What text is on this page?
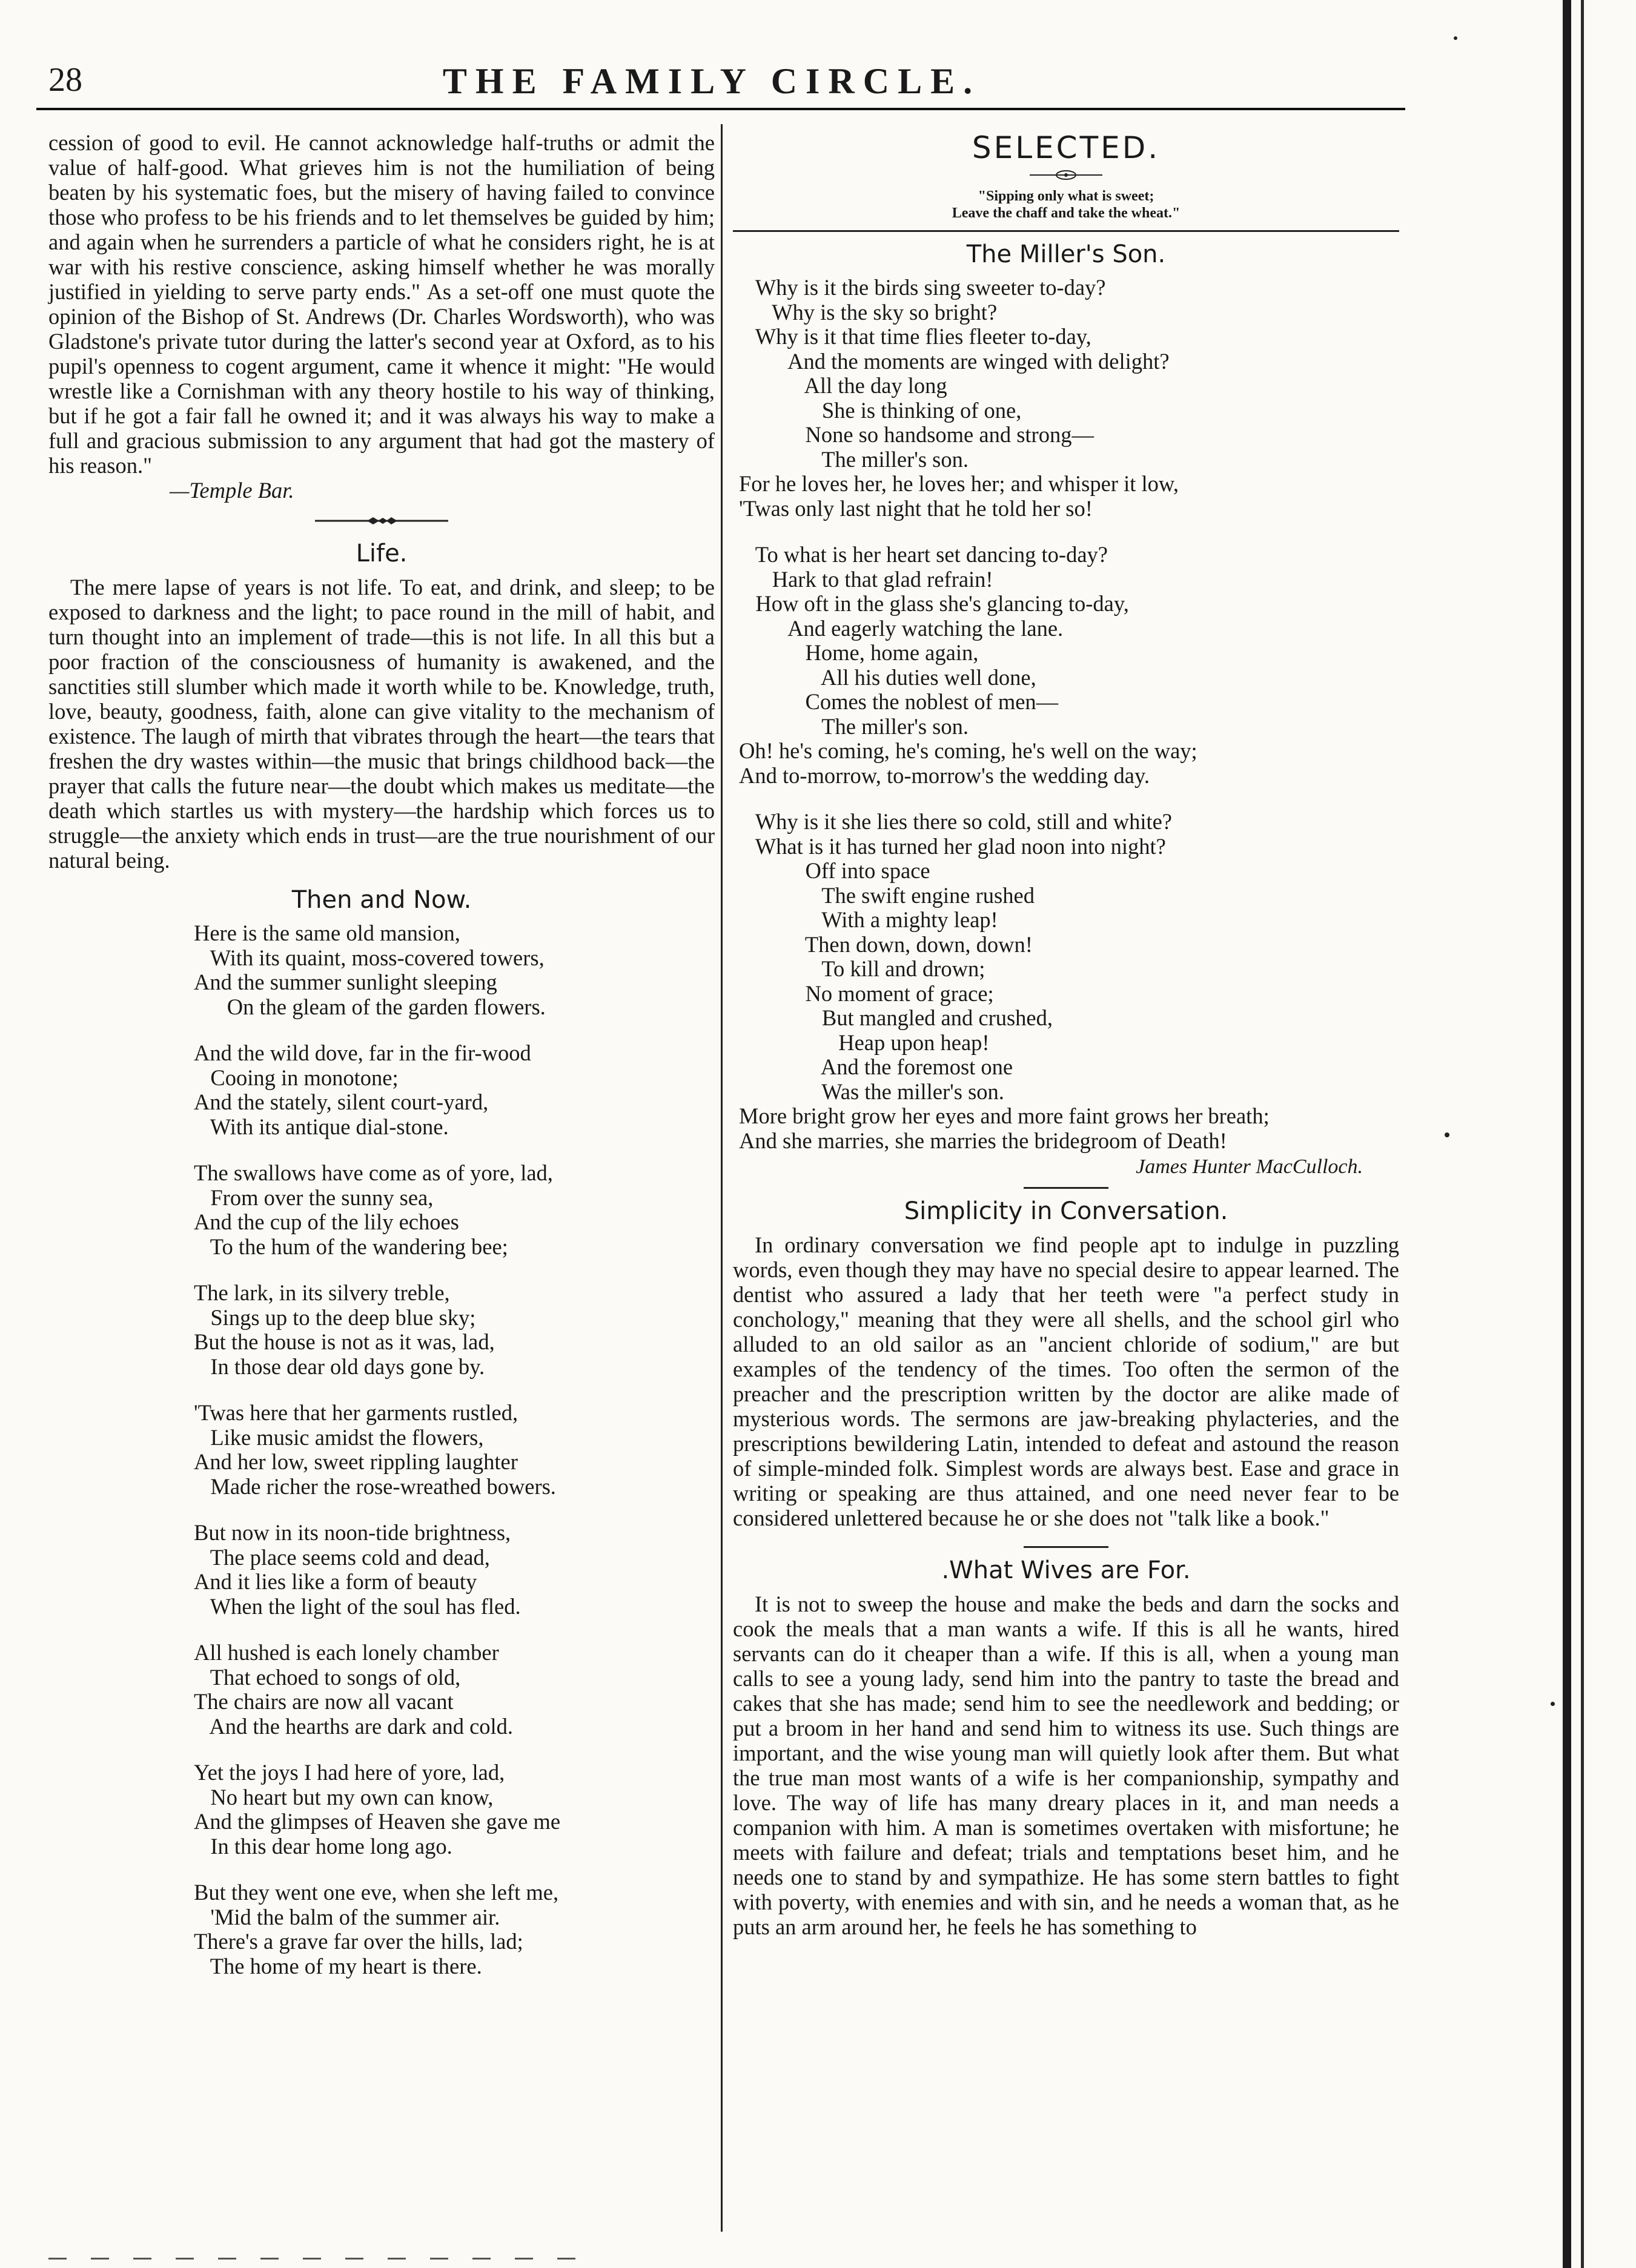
28	THE FAMILY CIRCLE.

cession of good to evil. He cannot acknowledge half-truths or admit the value of half-good. What grieves him is not the humiliation of being beaten by his systematic foes, but the misery of having failed to convince those who profess to be his friends and to let themselves be guided by him; and again when he surrenders a particle of what he considers right, he is at war with his restive conscience, asking himself whether he was morally justified in yielding to serve party ends." As a set-off one must quote the opinion of the Bishop of St. Andrews (Dr. Charles Wordsworth), who was Gladstone's private tutor during the latter's second year at Oxford, as to his pupil's openness to cogent argument, came it whence it might: "He would wrestle like a Cornishman with any theory hostile to his way of thinking, but if he got a fair fall he owned it; and it was always his way to make a full and gracious submission to any argument that had got the mastery of his reason."

—Temple Bar.

Life.

The mere lapse of years is not life. To eat, and drink, and sleep; to be exposed to darkness and the light; to pace round in the mill of habit, and turn thought into an implement of trade—this is not life. In all this but a poor fraction of the consciousness of humanity is awakened, and the sanctities still slumber which made it worth while to be. Knowledge, truth, love, beauty, goodness, faith, alone can give vitality to the mechanism of existence. The laugh of mirth that vibrates through the heart—the tears that freshen the dry wastes within—the music that brings childhood back—the prayer that calls the future near—the doubt which makes us meditate—the death which startles us with mystery—the hardship which forces us to struggle—the anxiety which ends in trust—are the true nourishment of our natural being.

Then and Now.
Here is the same old mansion,
With its quaint, moss-covered towers,
And the summer sunlight sleeping
On the gleam of the garden flowers.
And the wild dove, far in the fir-wood
Cooing in monotone;
And the stately, silent court-yard,
With its antique dial-stone.
The swallows have come as of yore, lad,
From over the sunny sea,
And the cup of the lily echoes
To the hum of the wandering bee;
The lark, in its silvery treble,
Sings up to the deep blue sky;
But the house is not as it was, lad,
In those dear old days gone by.
'Twas here that her garments rustled,
Like music amidst the flowers,
And her low, sweet rippling laughter
Made richer the rose-wreathed bowers.
But now in its noon-tide brightness,
The place seems cold and dead,
And it lies like a form of beauty
When the light of the soul has fled.
All hushed is each lonely chamber
That echoed to songs of old,
The chairs are now all vacant
And the hearths are dark and cold.
Yet the joys I had here of yore, lad,
No heart but my own can know,
And the glimpses of Heaven she gave me
In this dear home long ago.
But they went one eve, when she left me,
'Mid the balm of the summer air.
There's a grave far over the hills, lad;
The home of my heart is there.
SELECTED.

"Sipping only what is sweet;

Leave the chaff and take the wheat."

The Miller's Son.
Why is it the birds sing sweeter to-day?
Why is the sky so bright?
Why is it that time flies fleeter to-day,
And the moments are winged with delight?
All the day long
She is thinking of one,
None so handsome and strong—
The miller's son.
For he loves her, he loves her; and whisper it low,
'Twas only last night that he told her so!
To what is her heart set dancing to-day?
Hark to that glad refrain!
How oft in the glass she's glancing to-day,
And eagerly watching the lane.
Home, home again,
All his duties well done,
Comes the noblest of men—
The miller's son.
Oh! he's coming, he's coming, he's well on the way;
And to-morrow, to-morrow's the wedding day.
Why is it she lies there so cold, still and white?
What is it has turned her glad noon into night?
Off into space
The swift engine rushed
With a mighty leap!
Then down, down, down!
To kill and drown;
No moment of grace;
But mangled and crushed,
Heap upon heap!
And the foremost one
Was the miller's son.
More bright grow her eyes and more faint grows her breath;
And she marries, she marries the bridegroom of Death!

James Hunter MacCulloch.

Simplicity in Conversation.

In ordinary conversation we find people apt to indulge in puzzling words, even though they may have no special desire to appear learned. The dentist who assured a lady that her teeth were "a perfect study in conchology," meaning that they were all shells, and the school girl who alluded to an old sailor as an "ancient chloride of sodium," are but examples of the tendency of the times. Too often the sermon of the preacher and the prescription written by the doctor are alike made of mysterious words. The sermons are jaw-breaking phylacteries, and the prescriptions bewildering Latin, intended to defeat and astound the reason of simple-minded folk. Simplest words are always best. Ease and grace in writing or speaking are thus attained, and one need never fear to be considered unlettered because he or she does not "talk like a book."

.What Wives are For.

It is not to sweep the house and make the beds and darn the socks and cook the meals that a man wants a wife. If this is all he wants, hired servants can do it cheaper than a wife. If this is all, when a young man calls to see a young lady, send him into the pantry to taste the bread and cakes that she has made; send him to see the needlework and bedding; or put a broom in her hand and send him to witness its use. Such things are important, and the wise young man will quietly look after them. But what the true man most wants of a wife is her companionship, sympathy and love. The way of life has many dreary places in it, and man needs a companion with him. A man is sometimes overtaken with misfortune; he meets with failure and defeat; trials and temptations beset him, and he needs one to stand by and sympathize. He has some stern battles to fight with poverty, with enemies and with sin, and he needs a woman that, as he puts an arm around her, he feels he has something to
